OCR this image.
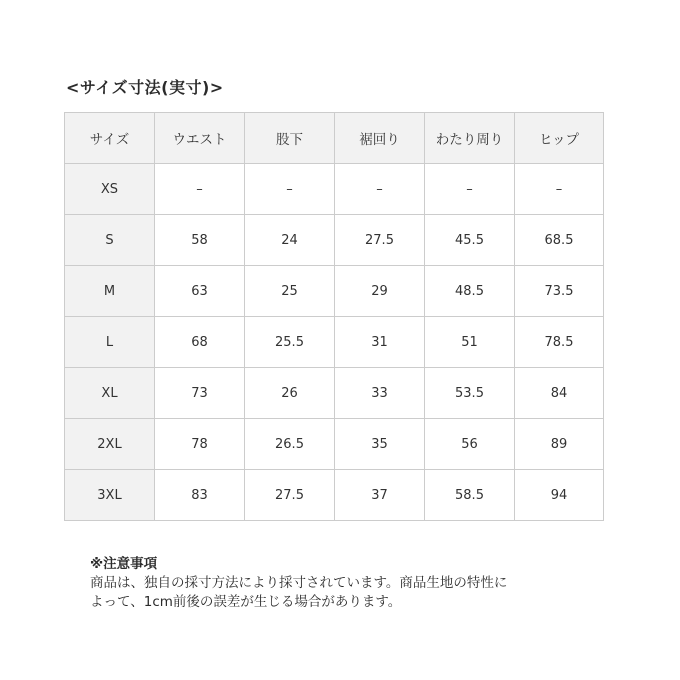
<サイズ寸法(実寸)>
サイズ	ウエスト	股下	裾回り	わたり周り	ヒップ
XS	–	–	–	–	–
S	58	24	27.5	45.5	68.5
M	63	25	29	48.5	73.5
L	68	25.5	31	51	78.5
XL	73	26	33	53.5	84
2XL	78	26.5	35	56	89
3XL	83	27.5	37	58.5	94
※注意事項
商品は、独自の採寸方法により採寸されています。商品生地の特性に
よって、1cm前後の誤差が生じる場合があります。
